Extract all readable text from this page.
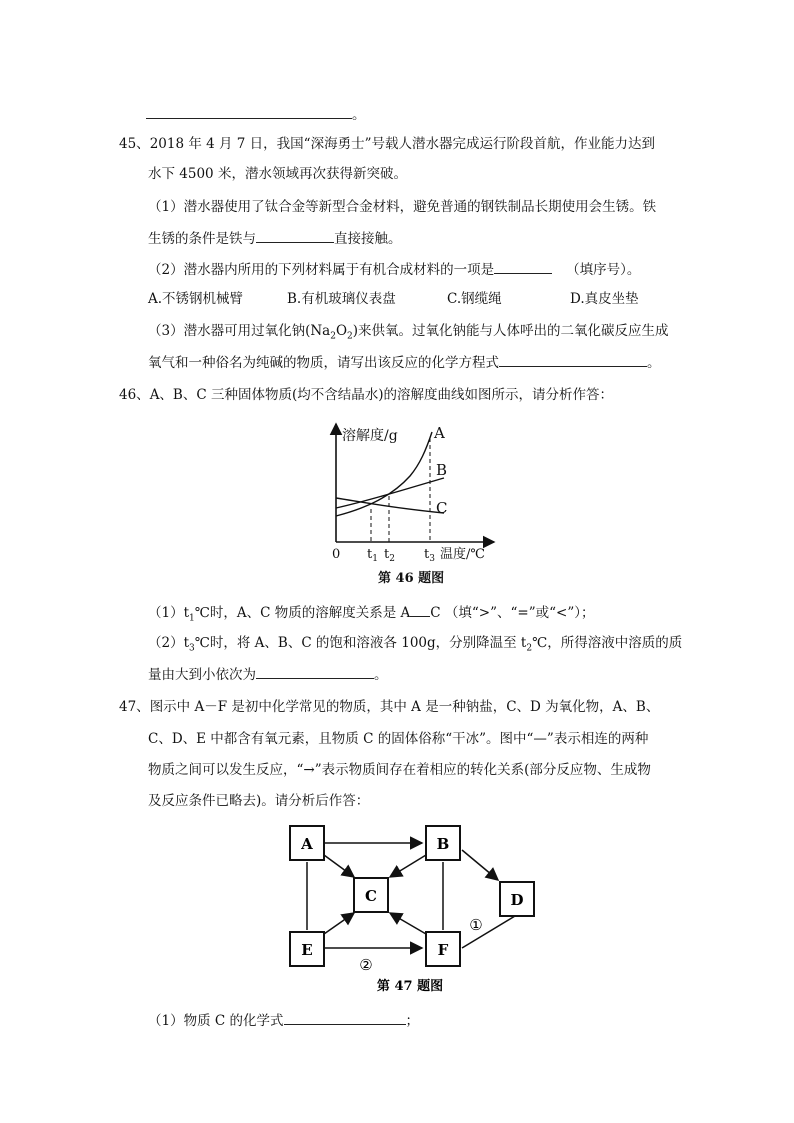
。
45、2018 年 4 月 7 日，我国“深海勇士”号载人潜水器完成运行阶段首航，作业能力达到
水下 4500 米，潜水领域再次获得新突破。
（1）潜水器使用了钛合金等新型合金材料，避免普通的钢铁制品长期使用会生锈。铁
生锈的条件是铁与	直接接触。
（2）潜水器内所用的下列材料属于有机合成材料的一项是	（填序号）。
A.不锈钢机械臂	B.有机玻璃仪表盘	C.钢缆绳	D.真皮坐垫
（3）潜水器可用过氧化钠$(Na_2O_2)$来供氧。过氧化钠能与人体呼出的二氧化碳反应生成
氧气和一种俗名为纯碱的物质，请写出该反应的化学方程式	。
46、A、B、C 三种固体物质(均不含结晶水)的溶解度曲线如图所示，请分析作答：
溶解度/g
0	温度/℃
$t_1$ $t_2$ $t_3$
A
B
C
第 46 题图
$(1)t_1℃$时，A、C 物质的溶解度关系是 A C （填“>”、“=”或“<”）；
$(2)t_3℃$时，将 A、B、C 的饱和溶液各 100g，分别降温至 $t_2℃$，所得溶液中溶质的质
量由大到小依次为	。
47、图示中 A－F 是初中化学常见的物质，其中 A 是一种钠盐，C、D 为氧化物，A、B、
C、D、E 中都含有氧元素，且物质 C 的固体俗称“干冰”。图中“—”表示相连的两种
物质之间可以发生反应，“→”表示物质间存在着相应的转化关系(部分反应物、生成物
及反应条件已略去)。请分析后作答：
A	B
C	D
E	F
①
②
第 47 题图
（1）物质 C 的化学式	；
